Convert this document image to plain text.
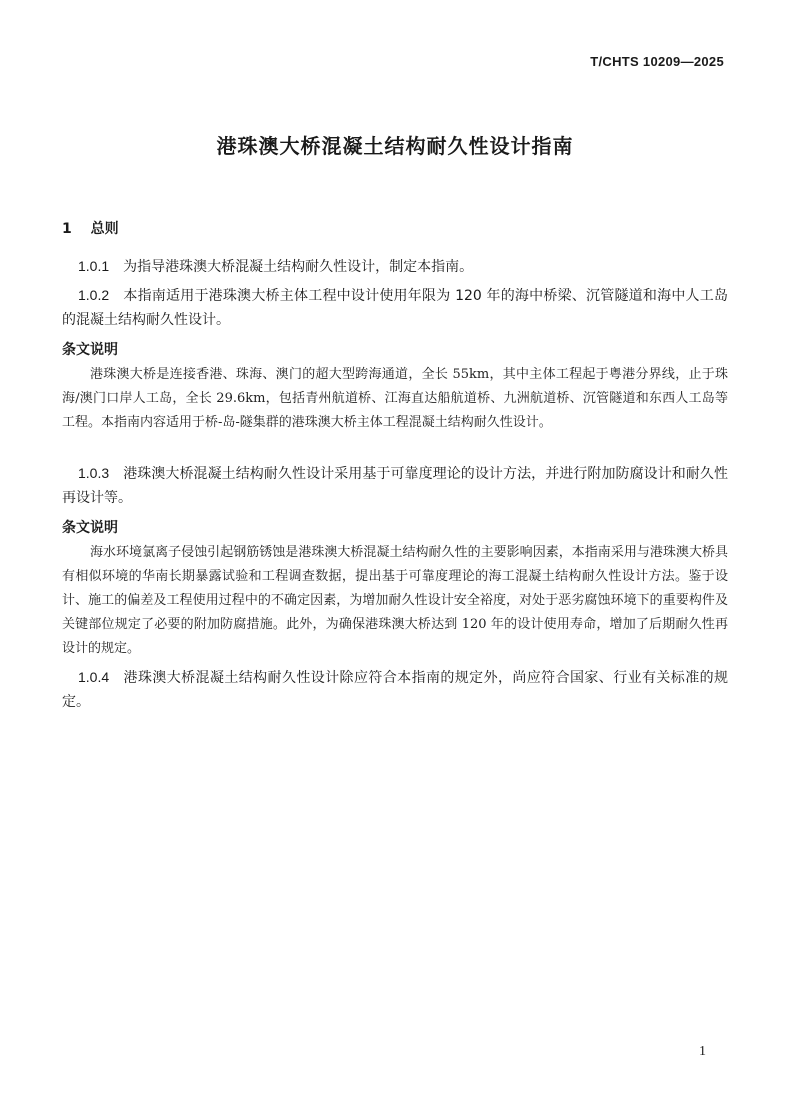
T/CHTS 10209—2025
港珠澳大桥混凝土结构耐久性设计指南
1 总则
1.0.1 为指导港珠澳大桥混凝土结构耐久性设计，制定本指南。
1.0.2 本指南适用于港珠澳大桥主体工程中设计使用年限为 120 年的海中桥梁、沉管隧道和海中人工岛的混凝土结构耐久性设计。
条文说明
港珠澳大桥是连接香港、珠海、澳门的超大型跨海通道，全长 55km，其中主体工程起于粤港分界线，止于珠海/澳门口岸人工岛，全长 29.6km，包括青州航道桥、江海直达船航道桥、九洲航道桥、沉管隧道和东西人工岛等工程。本指南内容适用于桥-岛-隧集群的港珠澳大桥主体工程混凝土结构耐久性设计。
1.0.3 港珠澳大桥混凝土结构耐久性设计采用基于可靠度理论的设计方法，并进行附加防腐设计和耐久性再设计等。
条文说明
海水环境氯离子侵蚀引起钢筋锈蚀是港珠澳大桥混凝土结构耐久性的主要影响因素，本指南采用与港珠澳大桥具有相似环境的华南长期暴露试验和工程调查数据，提出基于可靠度理论的海工混凝土结构耐久性设计方法。鉴于设计、施工的偏差及工程使用过程中的不确定因素，为增加耐久性设计安全裕度，对处于恶劣腐蚀环境下的重要构件及关键部位规定了必要的附加防腐措施。此外，为确保港珠澳大桥达到 120 年的设计使用寿命，增加了后期耐久性再设计的规定。
1.0.4 港珠澳大桥混凝土结构耐久性设计除应符合本指南的规定外，尚应符合国家、行业有关标准的规定。
1
